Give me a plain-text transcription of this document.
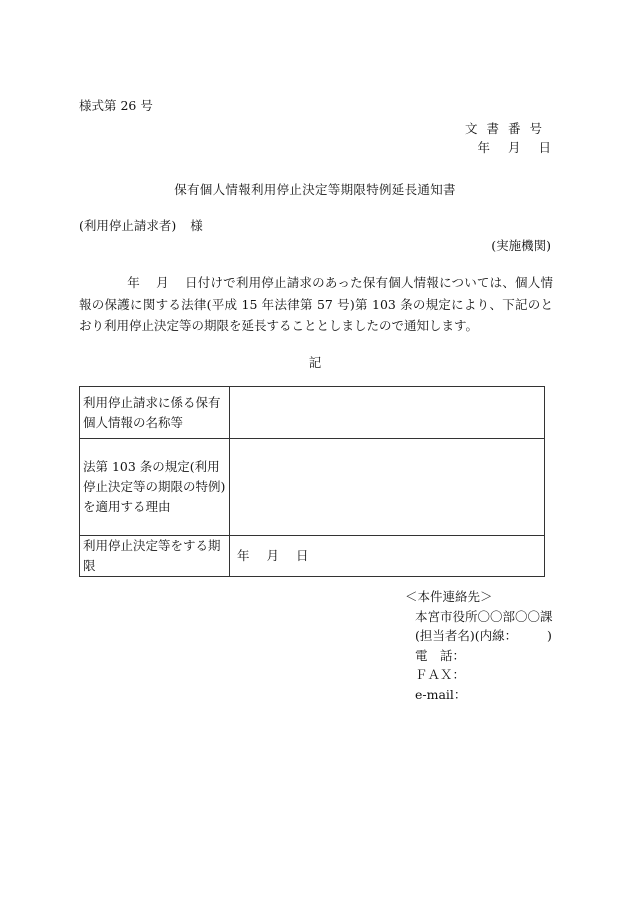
様式第 26 号
文書番号
年 月 日
保有個人情報利用停止決定等期限特例延長通知書
(利用停止請求者) 様
(実施機関)
年 月 日付けで利用停止請求のあった保有個人情報については、個人情報の保護に関する法律(平成 15 年法律第 57 号)第 103 条の規定により、下記のとおり利用停止決定等の期限を延長することとしましたので通知します。
記
利用停止請求に係る保有個人情報の名称等	
法第 103 条の規定(利用停止決定等の期限の特例)を適用する理由	
利用停止決定等をする期限	年 月 日
＜本件連絡先＞
本宮市役所〇〇部〇〇課
(担当者名)(内線： )
電　話：
ＦＡＸ：
e-mail：
